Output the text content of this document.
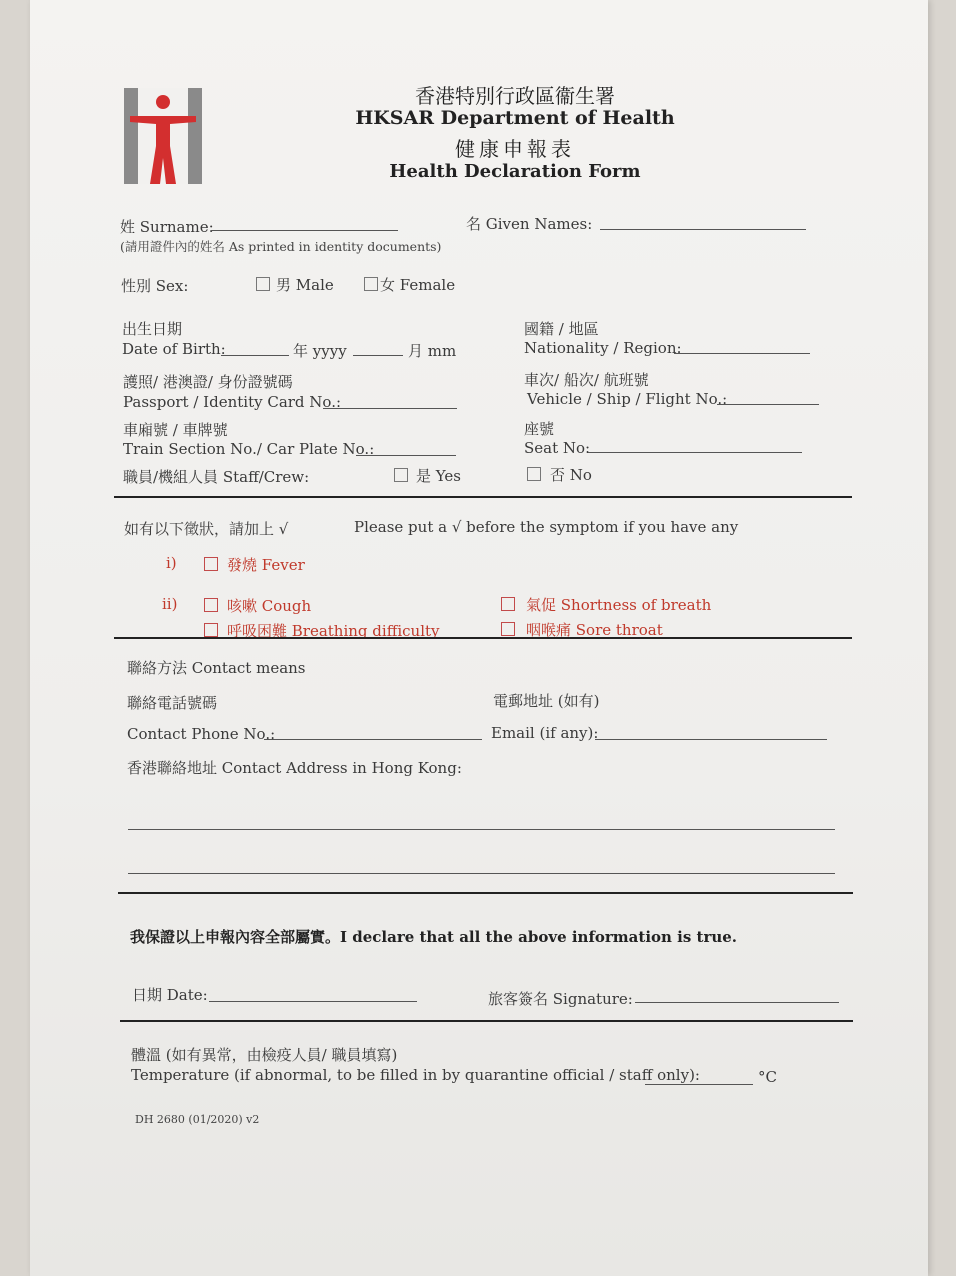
香港特別行政區衞生署
HKSAR Department of Health
健康申報表
Health Declaration Form
姓 Surname:
(請用證件內的姓名 As printed in identity documents)
名 Given Names:
性別 Sex:	男 Male	女 Female
出生日期
Date of Birth:	年 yyyy	月 mm
國籍 / 地區
Nationality / Region:
護照/ 港澳證/ 身份證號碼
Passport / Identity Card No.:
車次/ 船次/ 航班號
Vehicle / Ship / Flight No.:
車廂號 / 車牌號
Train Section No./ Car Plate No.:
座號
Seat No:
職員/機組人員 Staff/Crew:	是 Yes	否 No
如有以下徵狀，請加上 √	Please put a √ before the symptom if you have any
i)	發燒 Fever
ii)	咳嗽 Cough	氣促 Shortness of breath
呼吸困難 Breathing difficulty	咽喉痛 Sore throat
聯絡方法 Contact means
聯絡電話號碼
Contact Phone No.:
電郵地址 (如有)
Email (if any):
香港聯絡地址 Contact Address in Hong Kong:
我保證以上申報內容全部屬實。I declare that all the above information is true.
日期 Date:	旅客簽名 Signature:
體溫 (如有異常，由檢疫人員/ 職員填寫)
Temperature (if abnormal, to be filled in by quarantine official / staff only):	°C
DH 2680 (01/2020) v2
